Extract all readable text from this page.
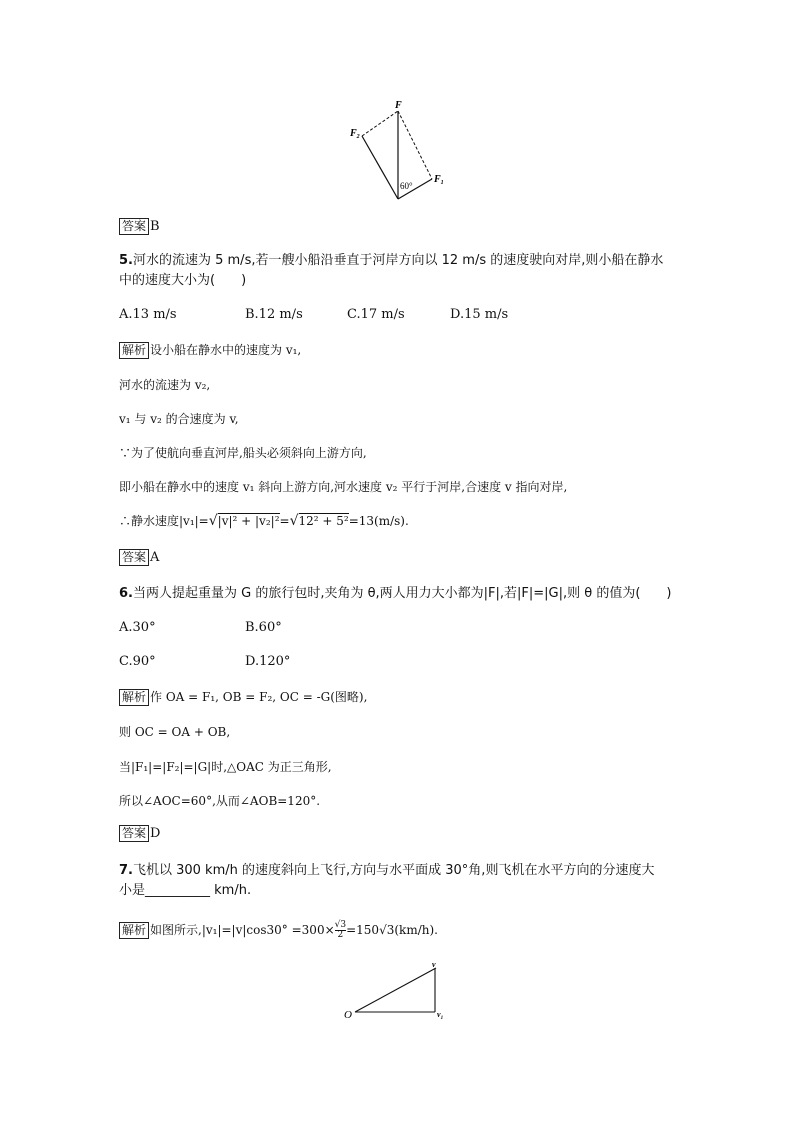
F
$F_2$
$F_1$
60°
答案 B
5.河水的流速为 5 m/s,若一艘小船沿垂直于河岸方向以 12 m/s 的速度驶向对岸,则小船在静水
中的速度大小为(　　)
A.13 m/s	B.12 m/s	C.17 m/s	D.15 m/s
解析 设小船在静水中的速度为 v₁,
河水的流速为 v₂,
v₁ 与 v₂ 的合速度为 v,
∵为了使航向垂直河岸,船头必须斜向上游方向,
即小船在静水中的速度 v₁ 斜向上游方向,河水速度 v₂ 平行于河岸,合速度 v 指向对岸,
∴静水速度|v₁|=√|v|² + |v₂|²=√12² + 5²=13(m/s).
答案 A
6.当两人提起重量为 G 的旅行包时,夹角为 θ,两人用力大小都为|F|,若|F|=|G|,则 θ 的值为(　　)
A.30°	B.60°
C.90°	D.120°
解析 作 OA = F₁, OB = F₂, OC = -G(图略),
则 OC = OA + OB,
当|F₁|=|F₂|=|G|时,△OAC 为正三角形,
所以∠AOC=60°,从而∠AOB=120°.
答案 D
7.飞机以 300 km/h 的速度斜向上飞行,方向与水平面成 30°角,则飞机在水平方向的分速度大
小是__________ km/h.
解析 如图所示$,|v_1|=|v|\cos 30^\circ =300\times \frac{√3}{2} =150√3(km/h)$.
O
v
$v_1$
